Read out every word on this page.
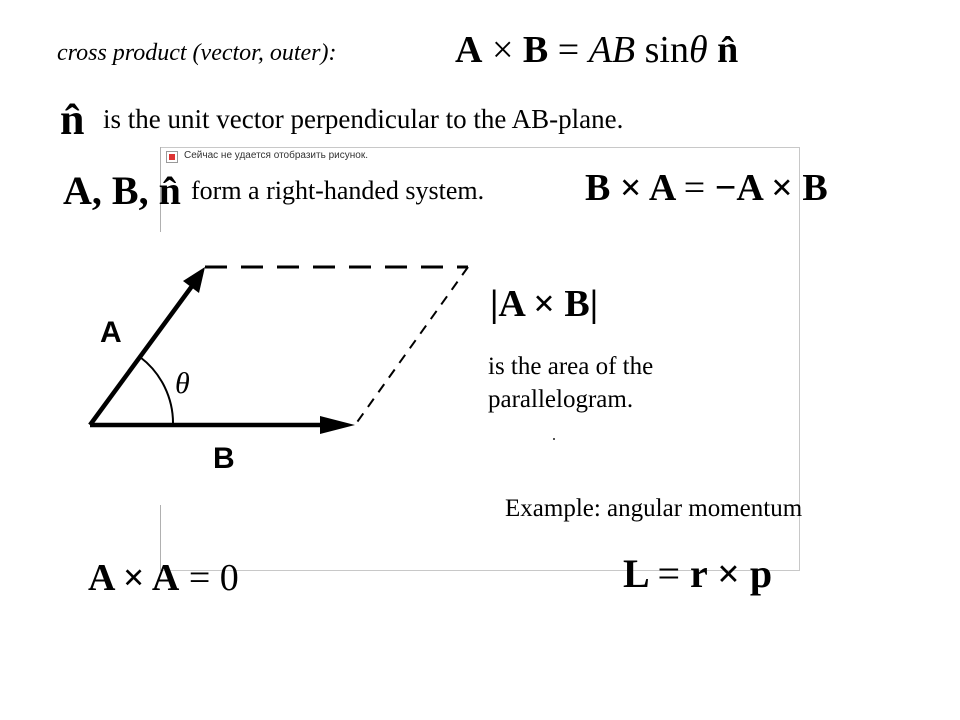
Сейчас не удается отобразить рисунок.
cross product (vector, outer):	A × B = AB sinθ n̂
n̂ is the unit vector perpendicular to the AB-plane.
A, B, n̂ form a right-handed system.	B × A = −A × B
A
θ
B
|A × B|
is the area of the parallelogram.
Example: angular momentum
A × A = 0	L = r × p
